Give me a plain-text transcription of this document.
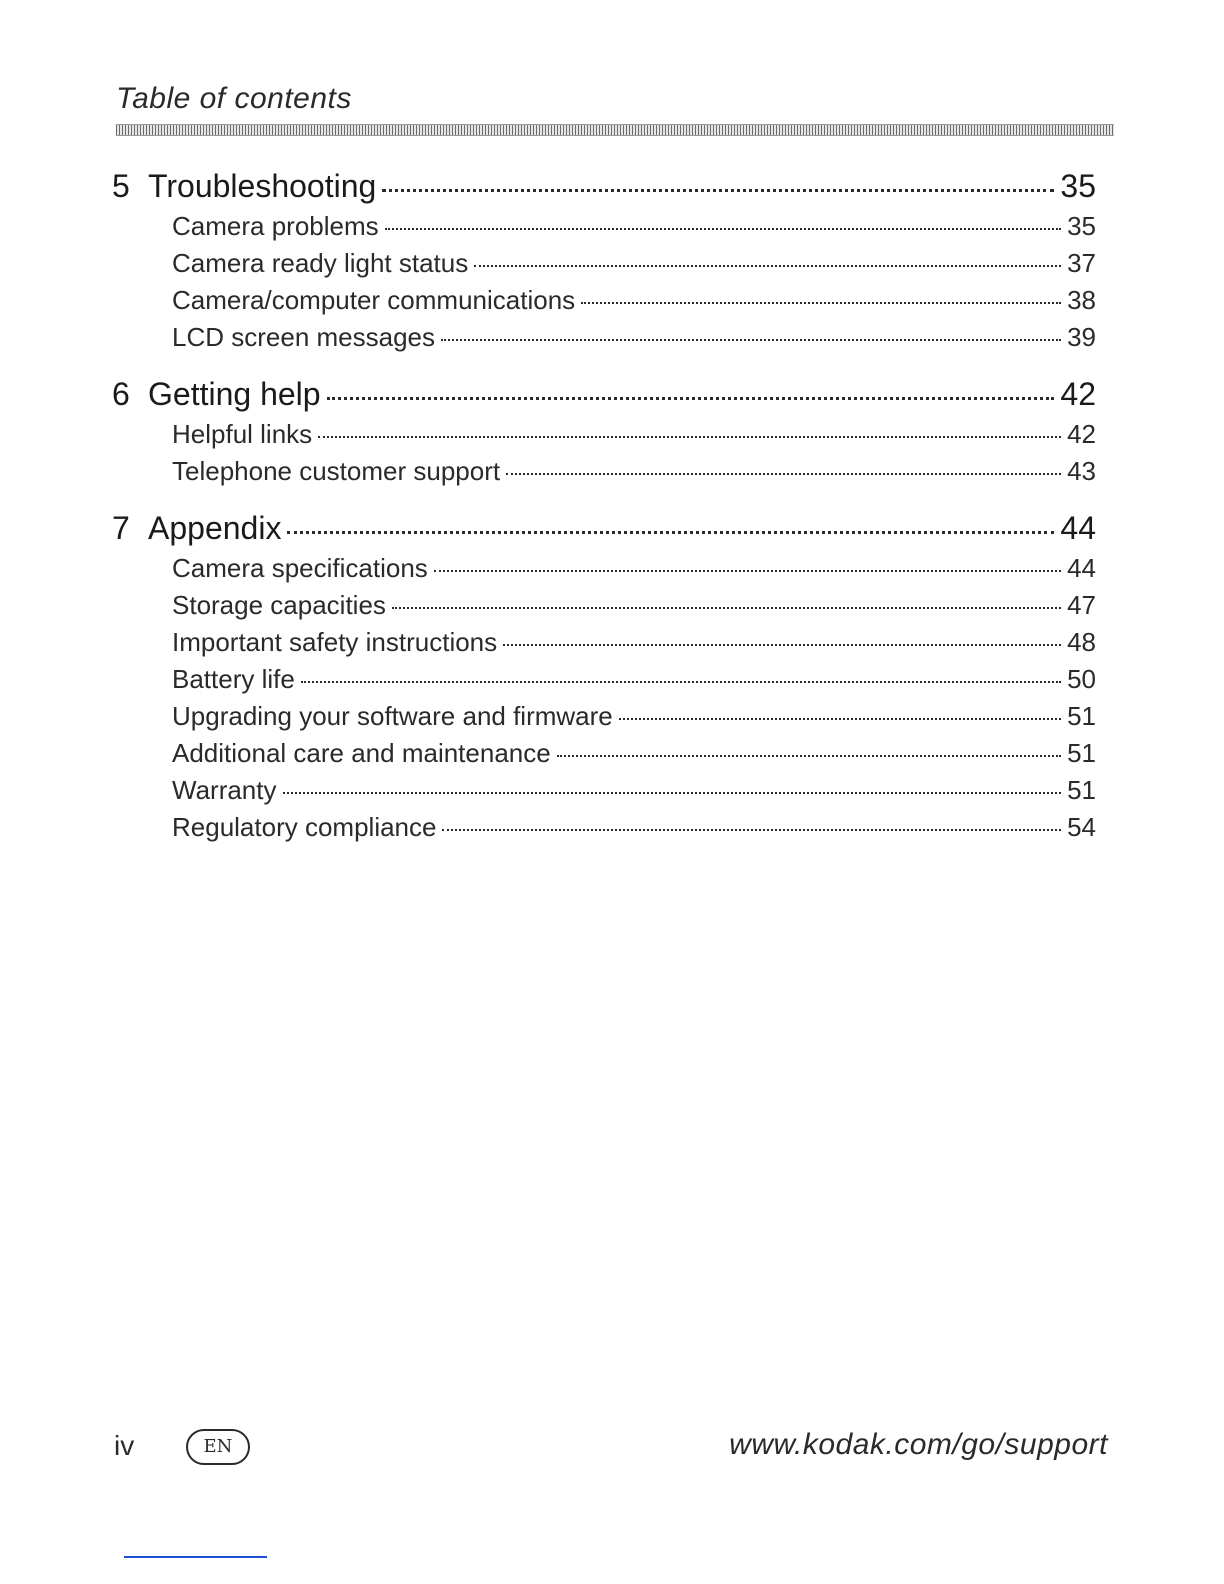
Table of contents
5 Troubleshooting	35
Camera problems	35
Camera ready light status	37
Camera/computer communications	38
LCD screen messages	39
6 Getting help	42
Helpful links	42
Telephone customer support	43
7 Appendix	44
Camera specifications	44
Storage capacities	47
Important safety instructions	48
Battery life	50
Upgrading your software and firmware	51
Additional care and maintenance	51
Warranty	51
Regulatory compliance	54
iv	EN	www.kodak.com/go/support
